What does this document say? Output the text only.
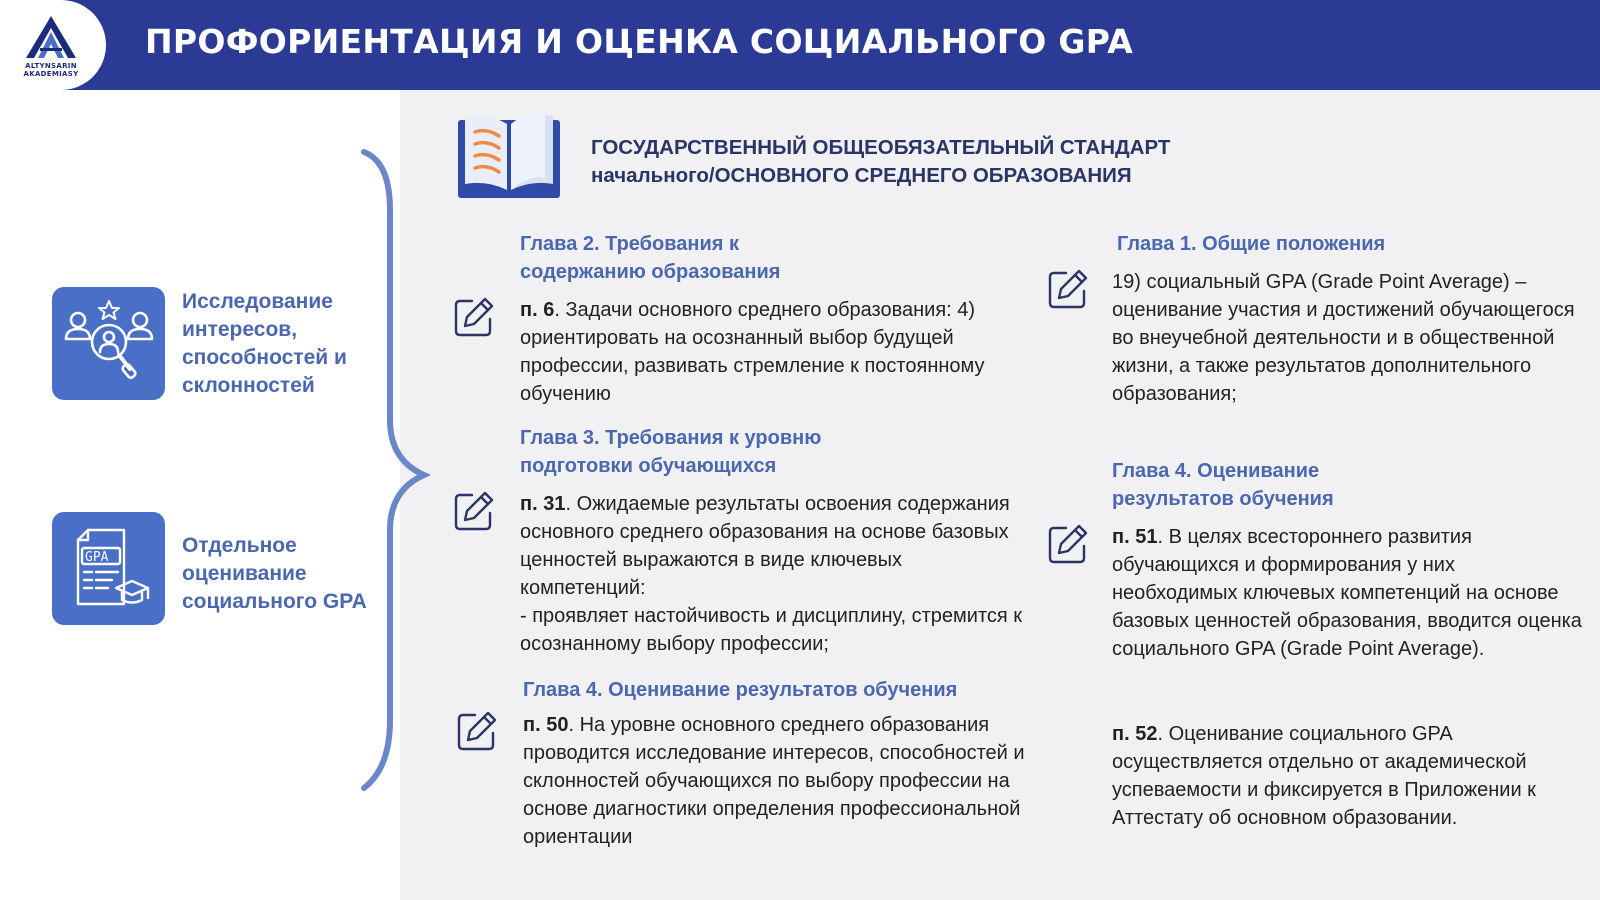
ALTYNSARIN
AKADEMIASY
ПРОФОРИЕНТАЦИЯ И ОЦЕНКА СОЦИАЛЬНОГО GPA
Исследование интересов, способностей и склонностей
GPA
Отдельное оценивание социального GPA
ГОСУДАРСТВЕННЫЙ ОБЩЕОБЯЗАТЕЛЬНЫЙ СТАНДАРТ
начального/ОСНОВНОГО СРЕДНЕГО ОБРАЗОВАНИЯ
Глава 2. Требования к содержанию образования
п. 6. Задачи основного среднего образования: 4) ориентировать на осознанный выбор будущей профессии, развивать стремление к постоянному обучению
Глава 3. Требования к уровню подготовки обучающихся
п. 31. Ожидаемые результаты освоения содержания основного среднего образования на основе базовых ценностей выражаются в виде ключевых компетенций:
- проявляет настойчивость и дисциплину, стремится к осознанному выбору профессии;
Глава 4. Оценивание результатов обучения
п. 50. На уровне основного среднего образования проводится исследование интересов, способностей и склонностей обучающихся по выбору профессии на основе диагностики определения профессиональной ориентации
Глава 1. Общие положения
19) социальный GPA (Grade Point Average) – оценивание участия и достижений обучающегося во внеучебной деятельности и в общественной жизни, а также результатов дополнительного образования;
Глава 4. Оценивание результатов обучения
п. 51. В целях всестороннего развития обучающихся и формирования у них необходимых ключевых компетенций на основе базовых ценностей образования, вводится оценка социального GPA (Grade Point Average).
п. 52. Оценивание социального GPA осуществляется отдельно от академической успеваемости и фиксируется в Приложении к Аттестату об основном образовании.
